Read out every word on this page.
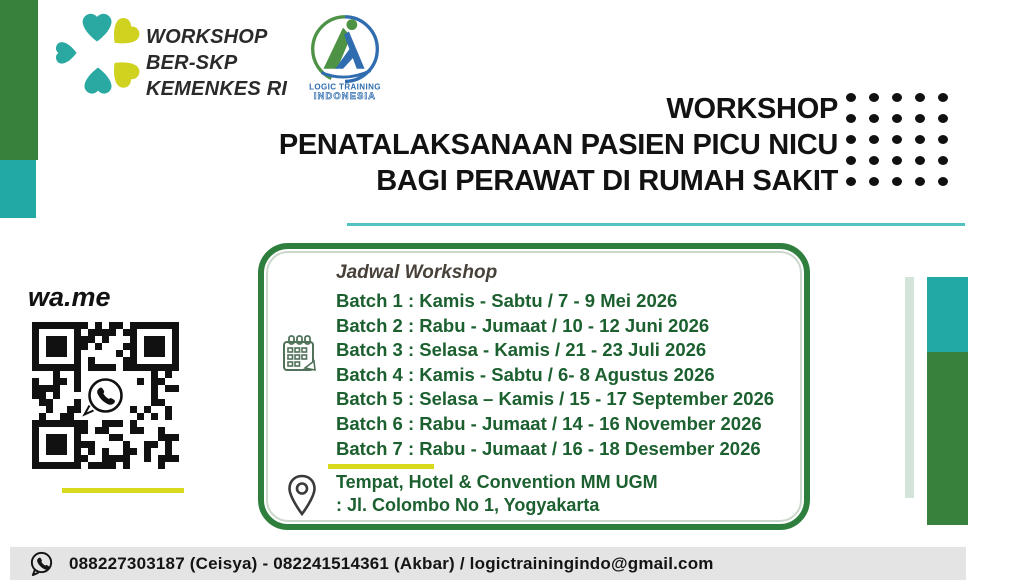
WORKSHOP
BER-SKP
KEMENKES RI	LOGIC TRAINING
INDONESIA	WORKSHOP
PENATALAKSANAAN PASIEN PICU NICU
BAGI PERAWAT DI RUMAH SAKIT
wa.me
Jadwal Workshop
Batch 1 : Kamis - Sabtu / 7 - 9 Mei 2026
Batch 2 : Rabu - Jumaat / 10 - 12 Juni 2026
Batch 3 : Selasa - Kamis / 21 - 23 Juli 2026
Batch 4 : Kamis - Sabtu / 6- 8 Agustus 2026
Batch 5 : Selasa – Kamis / 15 - 17 September 2026
Batch 6 : Rabu - Jumaat / 14 - 16 November 2026
Batch 7 : Rabu - Jumaat / 16 - 18 Desember 2026
Tempat, Hotel & Convention MM UGM
: Jl. Colombo No 1, Yogyakarta
088227303187 (Ceisya) - 082241514361 (Akbar) / logictrainingindo@gmail.com
